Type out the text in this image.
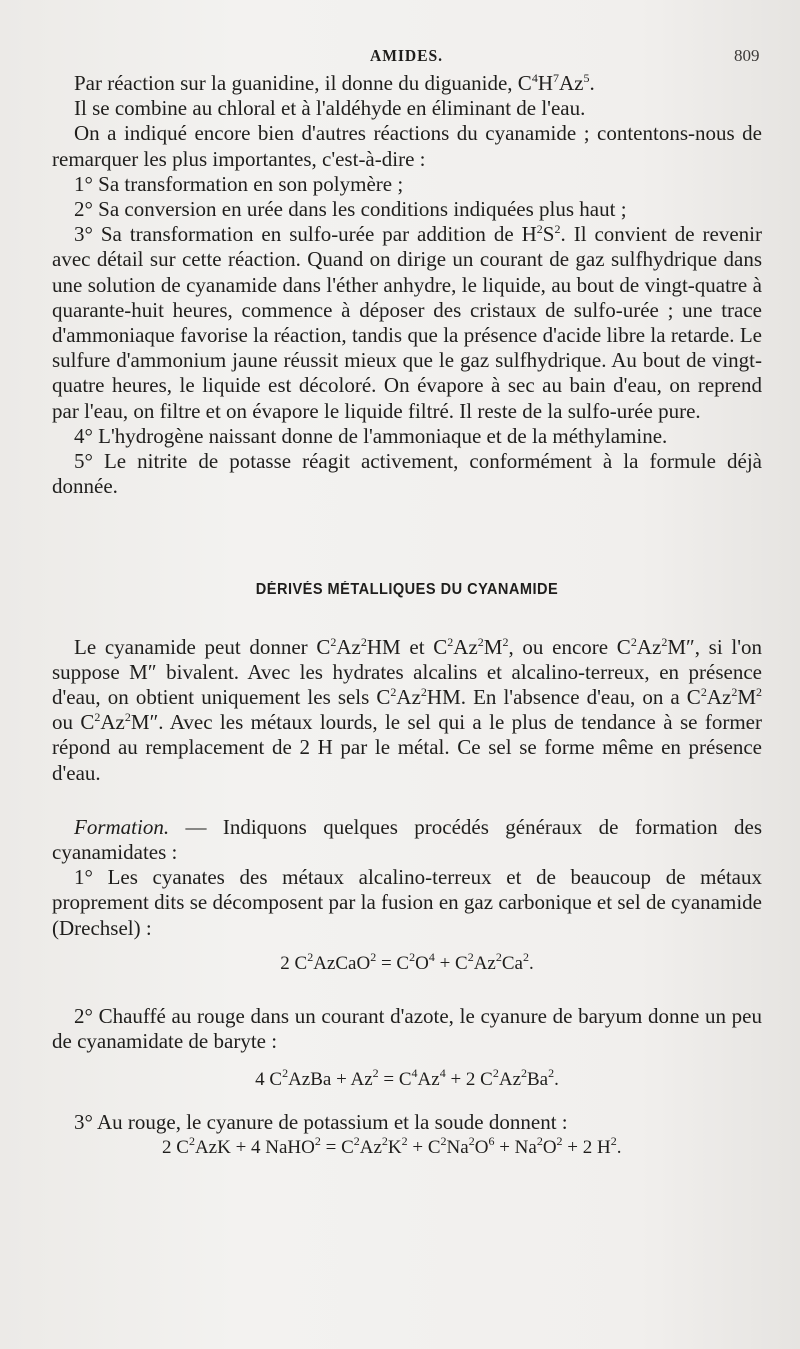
AMIDES.	809

Par réaction sur la guanidine, il donne du diguanide, $C^4H^7Az^5$.

Il se combine au chloral et à l'aldéhyde en éliminant de l'eau.

On a indiqué encore bien d'autres réactions du cyanamide ; contentons-nous de remarquer les plus importantes, c'est-à-dire :

1° Sa transformation en son polymère ;

2° Sa conversion en urée dans les conditions indiquées plus haut ;

3° Sa transformation en sulfo-urée par addition de $H^2S^2$. Il convient de revenir avec détail sur cette réaction. Quand on dirige un courant de gaz sulfhydrique dans une solution de cyanamide dans l'éther anhydre, le liquide, au bout de vingt-quatre à quarante-huit heures, commence à déposer des cristaux de sulfo-urée ; une trace d'ammoniaque favorise la réaction, tandis que la présence d'acide libre la retarde. Le sulfure d'ammonium jaune réussit mieux que le gaz sulfhydrique. Au bout de vingt-quatre heures, le liquide est décoloré. On évapore à sec au bain d'eau, on reprend par l'eau, on filtre et on évapore le liquide filtré. Il reste de la sulfo-urée pure.

4° L'hydrogène naissant donne de l'ammoniaque et de la méthylamine.

5° Le nitrite de potasse réagit activement, conformément à la formule déjà donnée.

DÉRIVÉS MÉTALLIQUES DU CYANAMIDE

Le cyanamide peut donner $C^2Az^2HM$ et $C^2Az^2M^2$, ou encore $C^2Az^2M''$, si l'on suppose M″ bivalent. Avec les hydrates alcalins et alcalino-terreux, en présence d'eau, on obtient uniquement les sels $C^2Az^2HM$. En l'absence d'eau, on a $C^2Az^2M^2$ ou $C^2Az^2M''$. Avec les métaux lourds, le sel qui a le plus de tendance à se former répond au remplacement de 2 H par le métal. Ce sel se forme même en présence d'eau.

Formation. — Indiquons quelques procédés généraux de formation des cyanamidates :

1° Les cyanates des métaux alcalino-terreux et de beaucoup de métaux proprement dits se décomposent par la fusion en gaz carbonique et sel de cyanamide (Drechsel) :

2 $C^2AzCaO^2 = C^2O^4 + C^2Az^2Ca^2$.

2° Chauffé au rouge dans un courant d'azote, le cyanure de baryum donne un peu de cyanamidate de baryte :

4 $C^2AzBa + Az^2 = C^4Az^4 + 2$ $C^2Az^2Ba^2$.

3° Au rouge, le cyanure de potassium et la soude donnent :

2 $C^2AzK + 4$ NaHO$^2$ = $C^2Az^2K^2 + C^2Na^2O^6 + Na^2O^2 + 2$ $H^2$.
